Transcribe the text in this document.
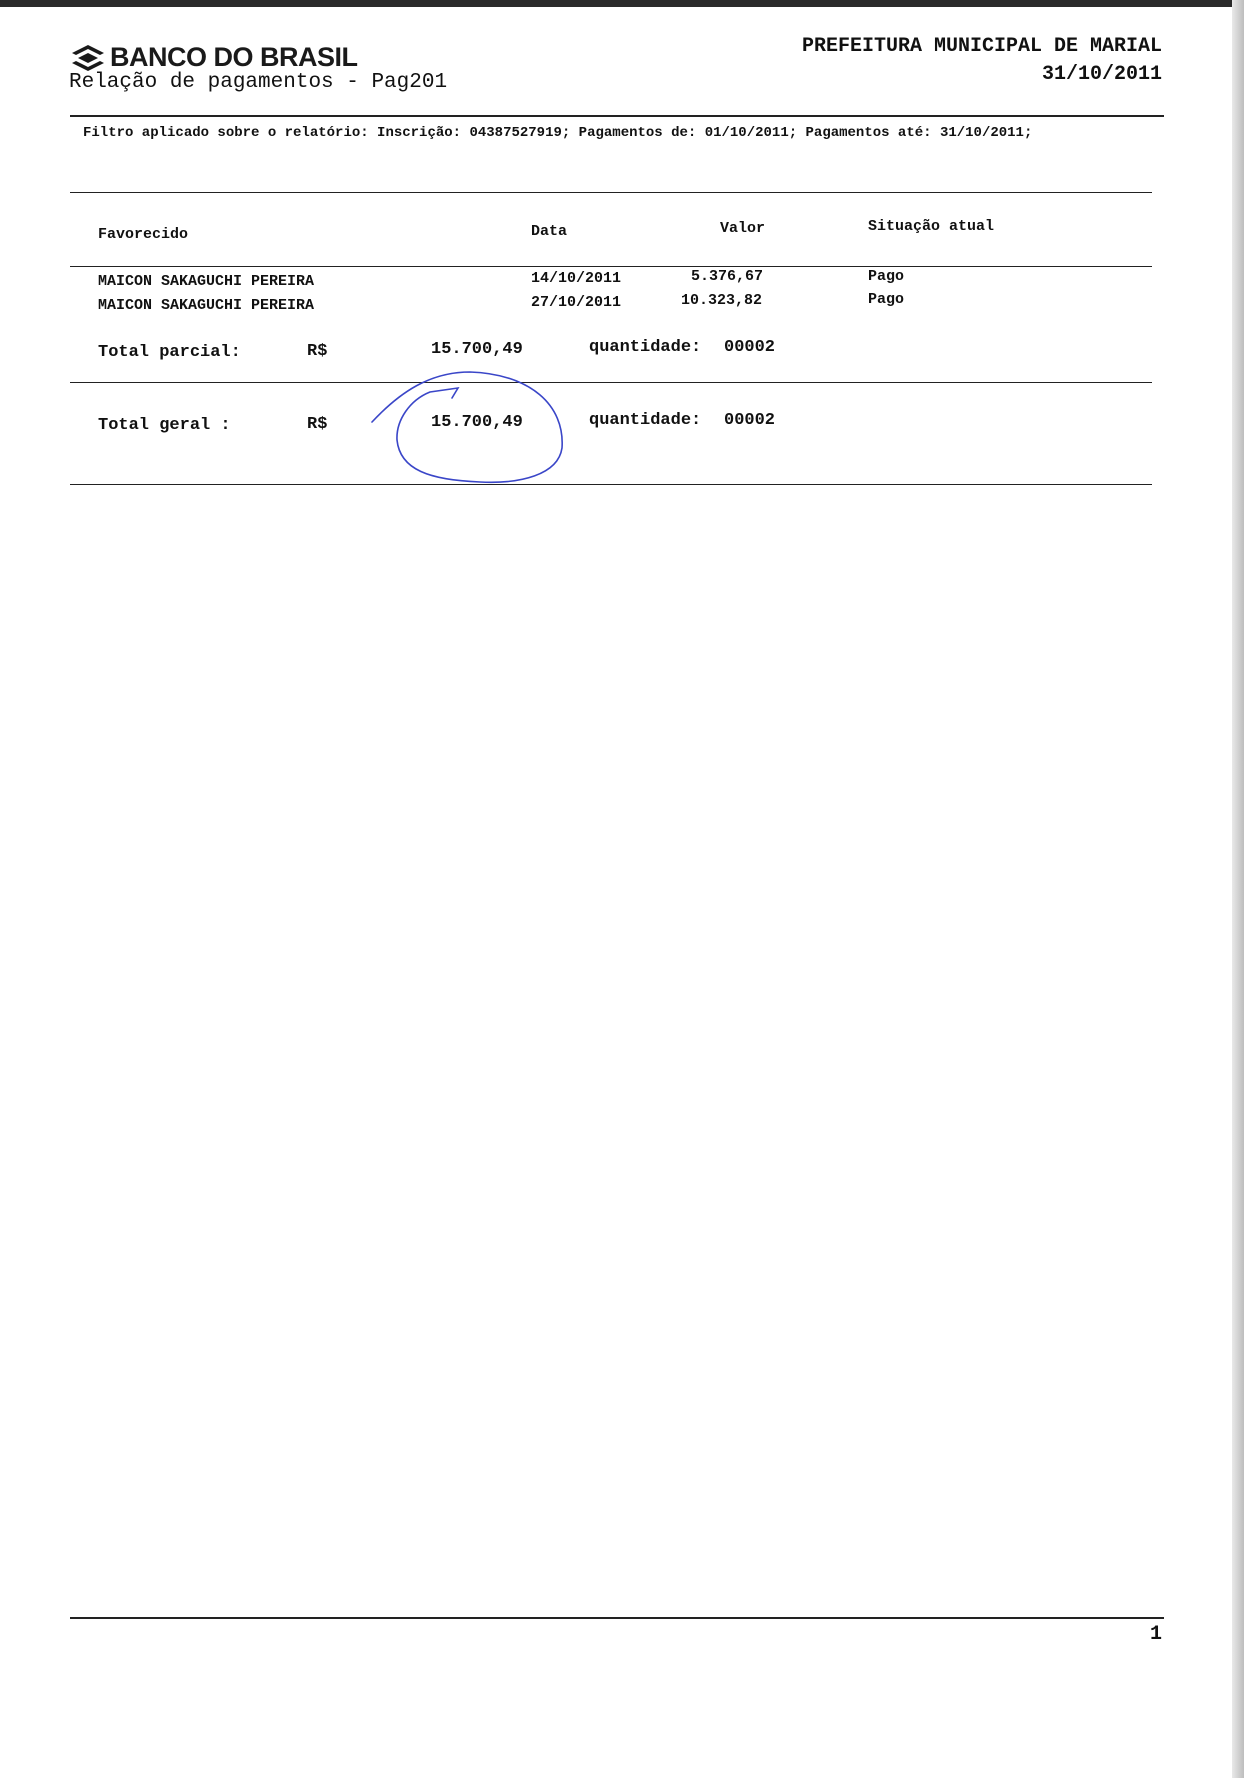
BANCO DO BRASIL
Relação de pagamentos - Pag201
PREFEITURA MUNICIPAL DE MARIAL
31/10/2011
Filtro aplicado sobre o relatório: Inscrição: 04387527919; Pagamentos de: 01/10/2011; Pagamentos até: 31/10/2011;
Favorecido	Data	Valor	Situação atual
MAICON SAKAGUCHI PEREIRA	14/10/2011	5.376,67	Pago
MAICON SAKAGUCHI PEREIRA	27/10/2011	10.323,82	Pago
Total parcial:	R$	15.700,49	quantidade: 00002
Total geral :	R$	15.700,49	quantidade: 00002
1
